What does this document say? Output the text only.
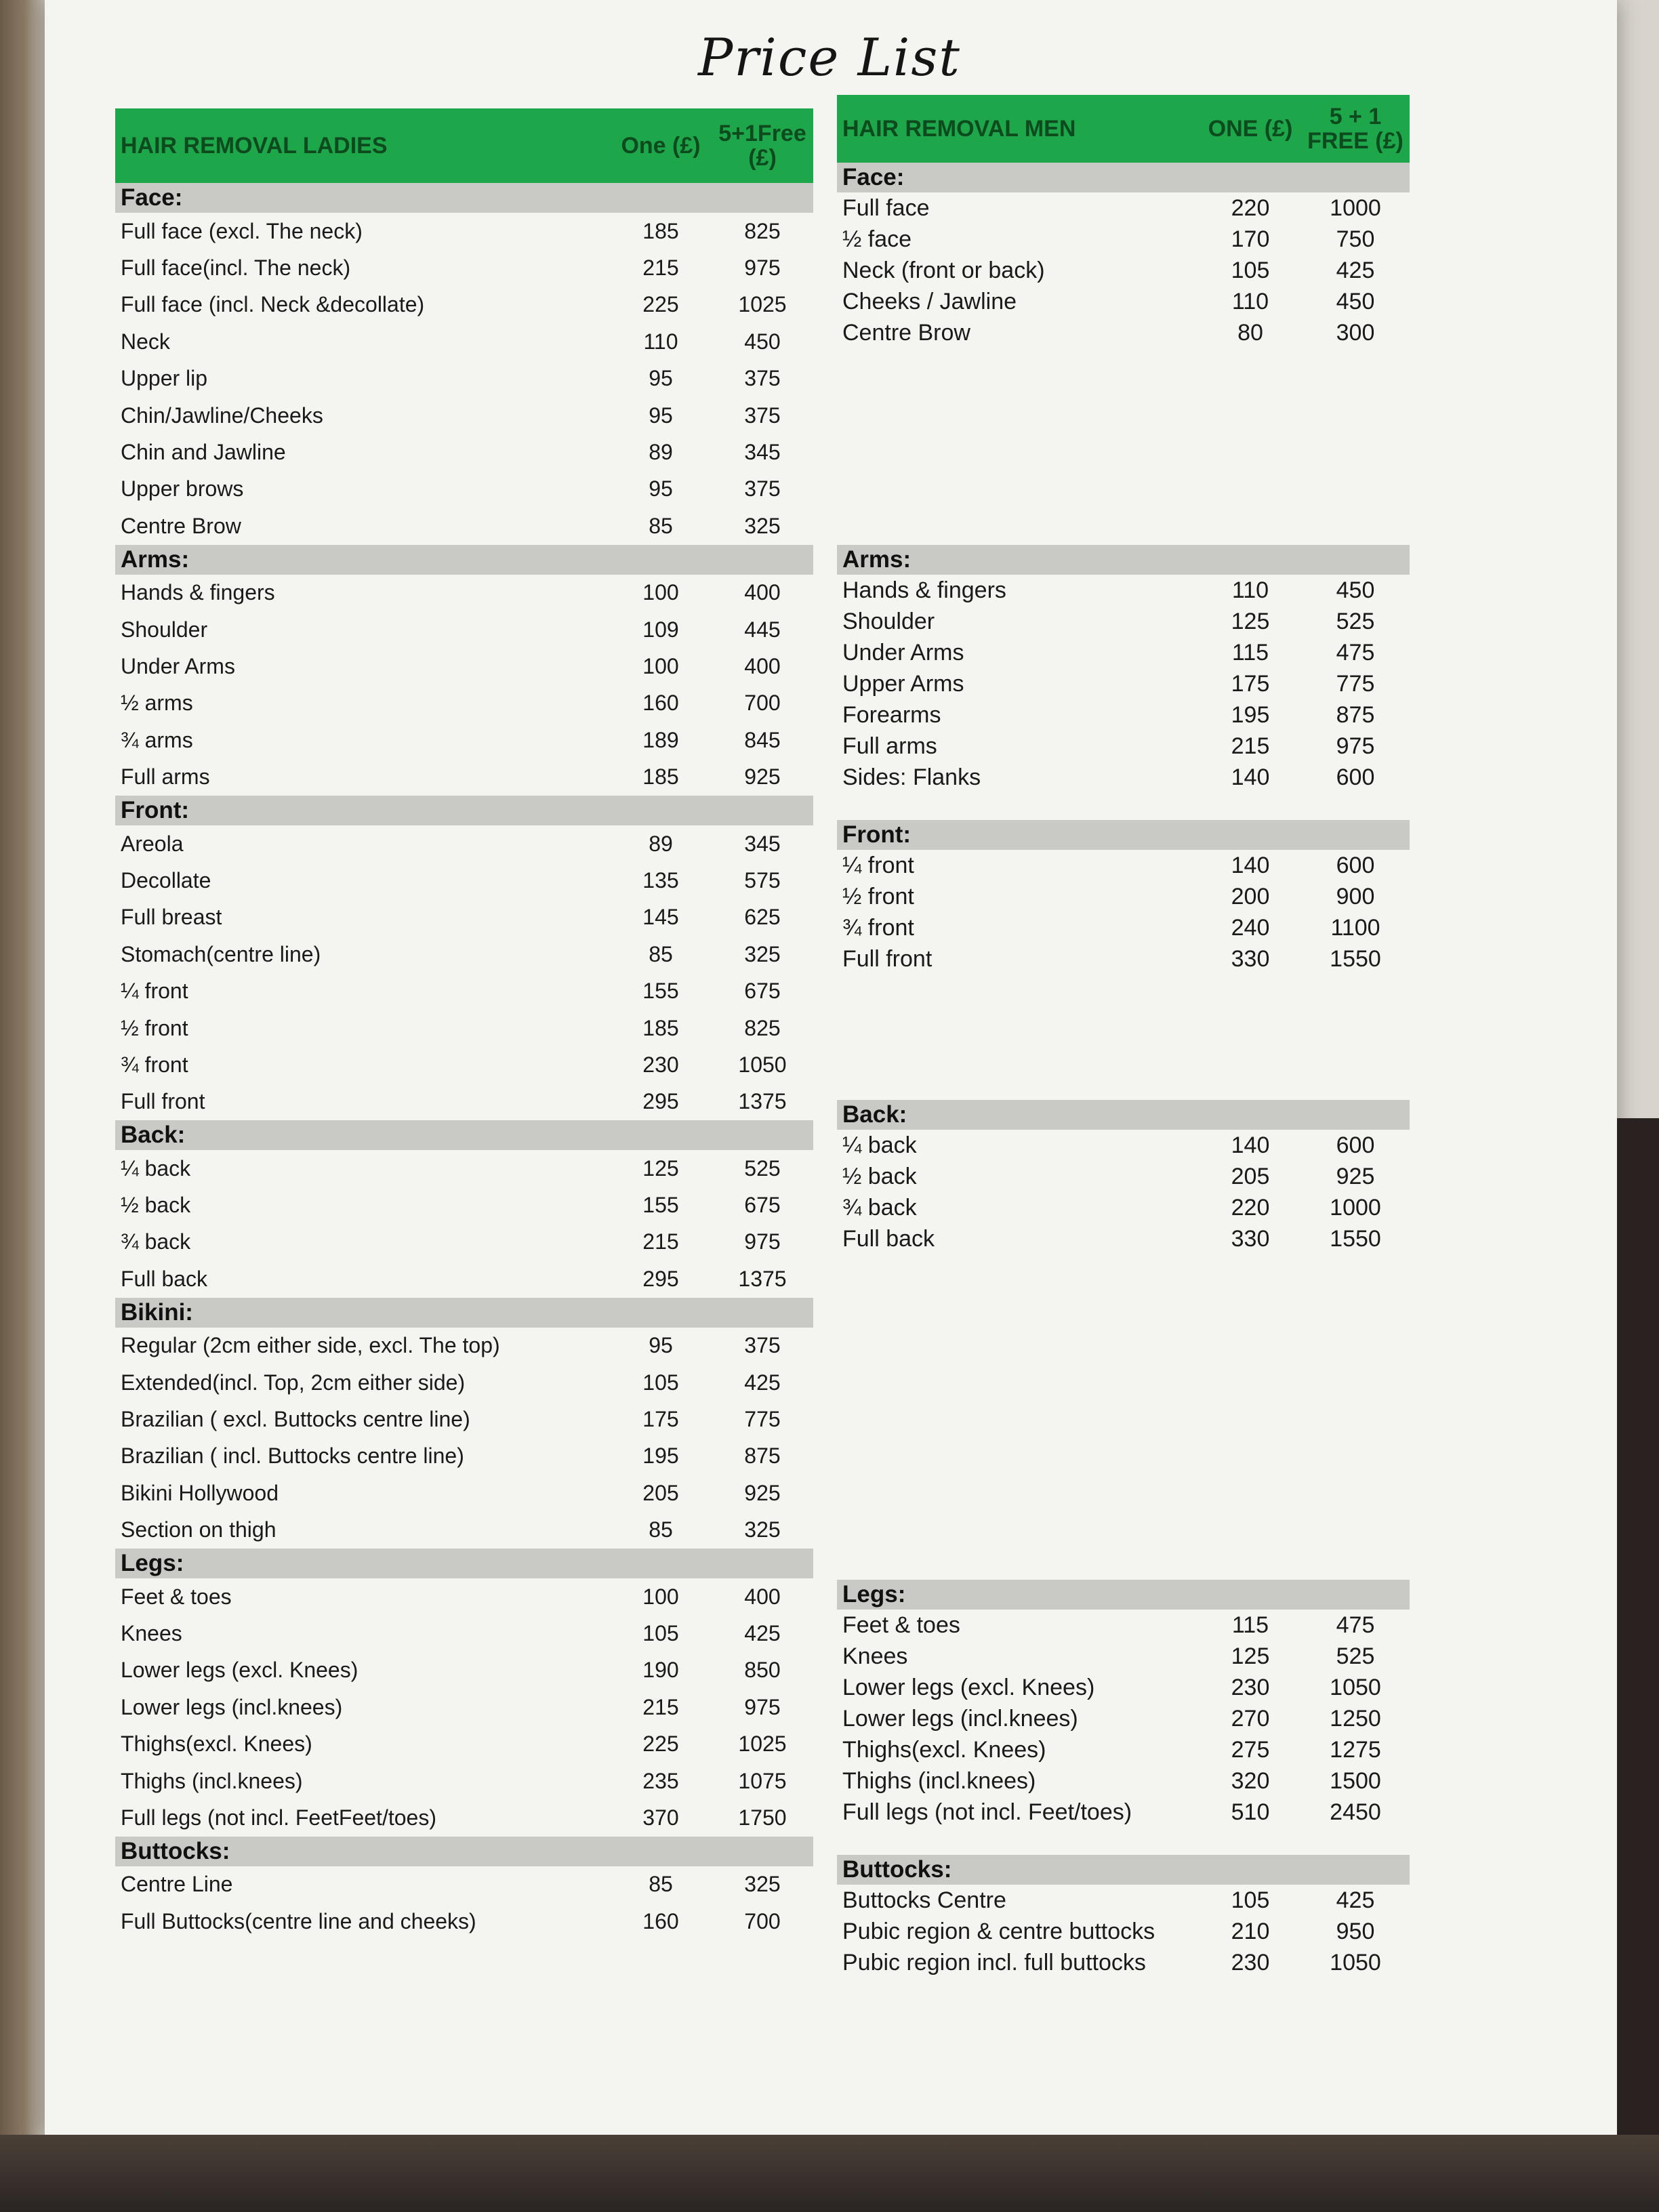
Price List
HAIR REMOVAL LADIES	One (£) 5+1Free (£)
Face:
Full face (excl. The neck)	185	825
Full face(incl. The neck)	215	975
Full face (incl. Neck &decollate)	225	1025
Neck	110	450
Upper lip	95	375
Chin/Jawline/Cheeks	95	375
Chin and Jawline	89	345
Upper brows	95	375
Centre Brow	85	325
Arms:
Hands & fingers	100	400
Shoulder	109	445
Under Arms	100	400
½ arms	160	700
¾ arms	189	845
Full arms	185	925
Front:
Areola	89	345
Decollate	135	575
Full breast	145	625
Stomach(centre line)	85	325
¼ front	155	675
½ front	185	825
¾ front	230	1050
Full front	295	1375
Back:
¼ back	125	525
½ back	155	675
¾ back	215	975
Full back	295	1375
Bikini:
Regular (2cm either side, excl. The top)	95	375
Extended(incl. Top, 2cm either side)	105	425
Brazilian ( excl. Buttocks centre line)	175	775
Brazilian ( incl. Buttocks centre line)	195	875
Bikini Hollywood	205	925
Section on thigh	85	325
Legs:
Feet & toes	100	400
Knees	105	425
Lower legs (excl. Knees)	190	850
Lower legs (incl.knees)	215	975
Thighs(excl. Knees)	225	1025
Thighs (incl.knees)	235	1075
Full legs (not incl. FeetFeet/toes)	370	1750
Buttocks:
Centre Line	85	325
Full Buttocks(centre line and cheeks)	160	700
HAIR REMOVAL MEN	ONE (£)	5 + 1 FREE (£)
Face:
Full face	220	1000
½ face	170	750
Neck (front or back)	105	425
Cheeks / Jawline	110	450
Centre Brow	80	300
Arms:
Hands & fingers	110	450
Shoulder	125	525
Under Arms	115	475
Upper Arms	175	775
Forearms	195	875
Full arms	215	975
Sides: Flanks	140	600
Front:
¼ front	140	600
½ front	200	900
¾ front	240	1100
Full front	330	1550
Back:
¼ back	140	600
½ back	205	925
¾ back	220	1000
Full back	330	1550
Legs:
Feet & toes	115	475
Knees	125	525
Lower legs (excl. Knees)	230	1050
Lower legs (incl.knees)	270	1250
Thighs(excl. Knees)	275	1275
Thighs (incl.knees)	320	1500
Full legs (not incl. Feet/toes)	510	2450
Buttocks:
Buttocks Centre	105	425
Pubic region & centre buttocks	210	950
Pubic region incl. full buttocks	230	1050
